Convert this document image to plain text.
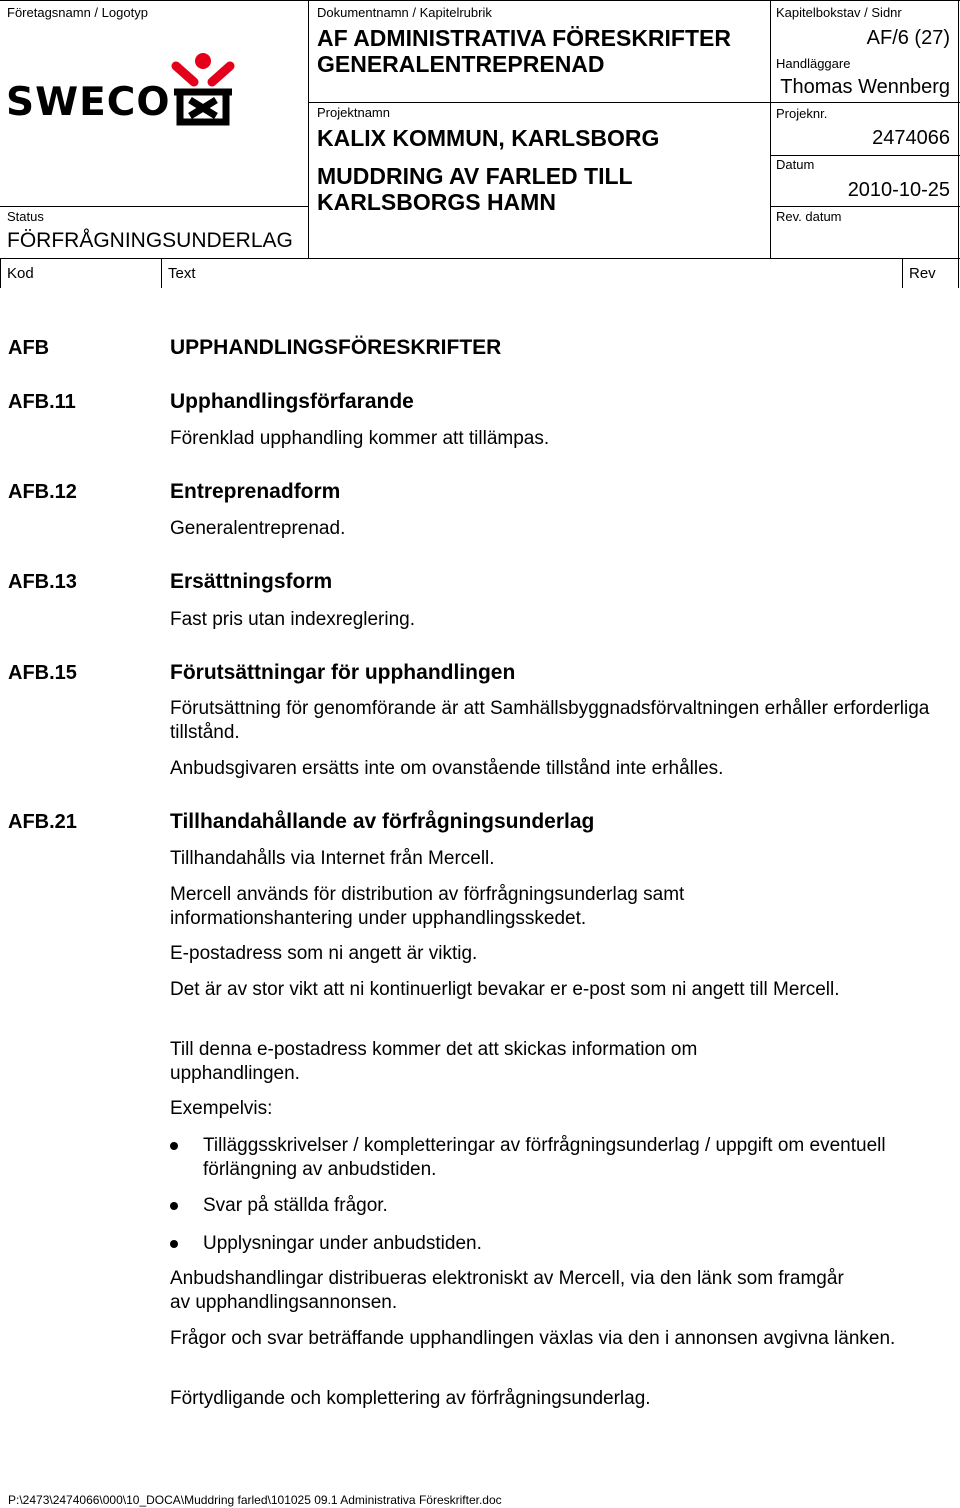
Företagsnamn / Logotyp
SWECO
Status
FÖRFRÅGNINGSUNDERLAG
Dokumentnamn / Kapitelrubrik
AF ADMINISTRATIVA FÖRESKRIFTER
GENERALENTREPRENAD
Projektnamn
KALIX KOMMUN, KARLSBORG
MUDDRING AV FARLED TILL
KARLSBORGS HAMN
Kapitelbokstav / Sidnr
AF/6 (27)
Handläggare
Thomas Wennberg
Projeknr.
2474066
Datum
2010-10-25
Rev. datum
Kod	Text	Rev
AFB	UPPHANDLINGSFÖRESKRIFTER
AFB.11	Upphandlingsförfarande
Förenklad upphandling kommer att tillämpas.
AFB.12	Entreprenadform
Generalentreprenad.
AFB.13	Ersättningsform
Fast pris utan indexreglering.
AFB.15	Förutsättningar för upphandlingen
Förutsättning för genomförande är att Samhällsbyggnadsförvaltningen erhåller erforderliga tillstånd.
Anbudsgivaren ersätts inte om ovanstående tillstånd inte erhålles.
AFB.21	Tillhandahållande av förfrågningsunderlag
Tillhandahålls via Internet från Mercell.
Mercell används för distribution av förfrågningsunderlag samt informationshantering under upphandlingsskedet.
E-postadress som ni angett är viktig.
Det är av stor vikt att ni kontinuerligt bevakar er e-post som ni angett till Mercell.
Till denna e-postadress kommer det att skickas information om upphandlingen.
Exempelvis:
Tilläggsskrivelser / kompletteringar av förfrågningsunderlag / uppgift om eventuell förlängning av anbudstiden.
Svar på ställda frågor.
Upplysningar under anbudstiden.
Anbudshandlingar distribueras elektroniskt av Mercell, via den länk som framgår av upphandlingsannonsen.
Frågor och svar beträffande upphandlingen växlas via den i annonsen avgivna länken.
Förtydligande och komplettering av förfrågningsunderlag.
P:\2473\2474066\000\10_DOCA\Muddring farled\101025 09.1 Administrativa Föreskrifter.doc
